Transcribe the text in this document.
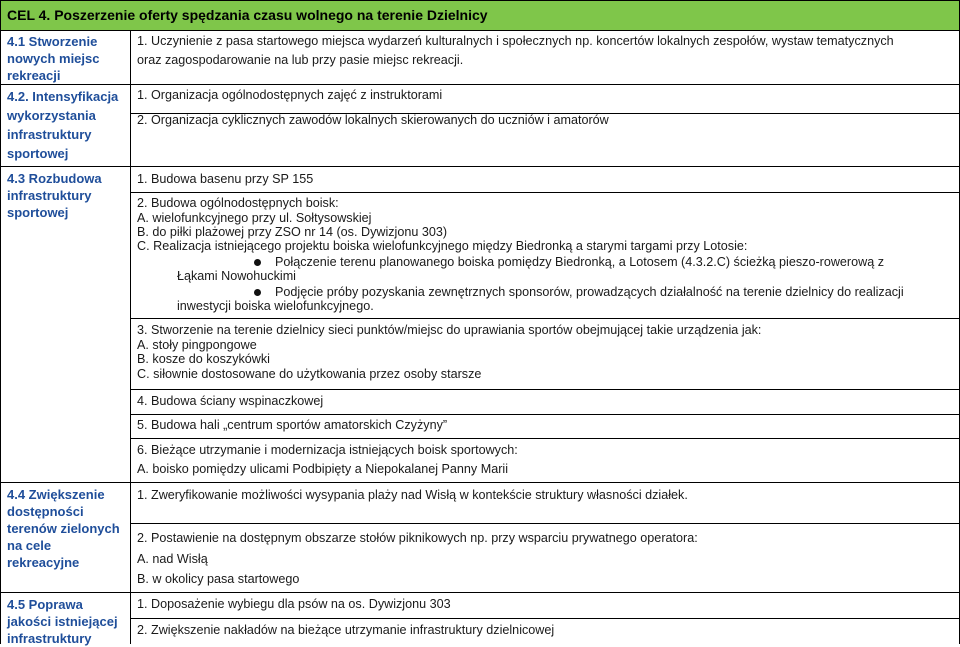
CEL 4. Poszerzenie oferty spędzania czasu wolnego na terenie Dzielnicy
4.1 Stworzenie
nowych miejsc
rekreacji
4.2. Intensyfikacja
wykorzystania
infrastruktury
sportowej
4.3 Rozbudowa
infrastruktury
sportowej
4.4 Zwiększenie
dostępności
terenów zielonych
na cele
rekreacyjne
4.5 Poprawa
jakości istniejącej
infrastruktury
1. Uczynienie z pasa startowego miejsca wydarzeń kulturalnych i społecznych np. koncertów lokalnych zespołów, wystaw tematycznych
oraz zagospodarowanie na lub przy pasie miejsc rekreacji.
1. Organizacja ogólnodostępnych zajęć z instruktorami
2. Organizacja cyklicznych zawodów lokalnych skierowanych do uczniów i amatorów
1. Budowa basenu przy SP 155
2. Budowa ogólnodostępnych boisk:
A. wielofunkcyjnego przy ul. Sołtysowskiej
B. do piłki plażowej przy ZSO nr 14 (os. Dywizjonu 303)
C. Realizacja istniejącego projektu boiska wielofunkcyjnego między Biedronką a starymi targami przy Lotosie:
Połączenie terenu planowanego boiska pomiędzy Biedronką, a Lotosem (4.3.2.C) ścieżką pieszo-rowerową z
Łąkami Nowohuckimi
Podjęcie próby pozyskania zewnętrznych sponsorów, prowadzących działalność na terenie dzielnicy do realizacji
inwestycji boiska wielofunkcyjnego.
3. Stworzenie na terenie dzielnicy sieci punktów/miejsc do uprawiania sportów obejmującej takie urządzenia jak:
A. stoły pingpongowe
B. kosze do koszykówki
C. siłownie dostosowane do użytkowania przez osoby starsze
4. Budowa ściany wspinaczkowej
5. Budowa hali „centrum sportów amatorskich Czyżyny”
6. Bieżące utrzymanie i modernizacja istniejących boisk sportowych:
A. boisko pomiędzy ulicami Podbipięty a Niepokalanej Panny Marii
1. Zweryfikowanie możliwości wysypania plaży nad Wisłą w kontekście struktury własności działek.
2. Postawienie na dostępnym obszarze stołów piknikowych np. przy wsparciu prywatnego operatora:
A. nad Wisłą
B. w okolicy pasa startowego
1. Doposażenie wybiegu dla psów na os. Dywizjonu 303
2. Zwiększenie nakładów na bieżące utrzymanie infrastruktury dzielnicowej
